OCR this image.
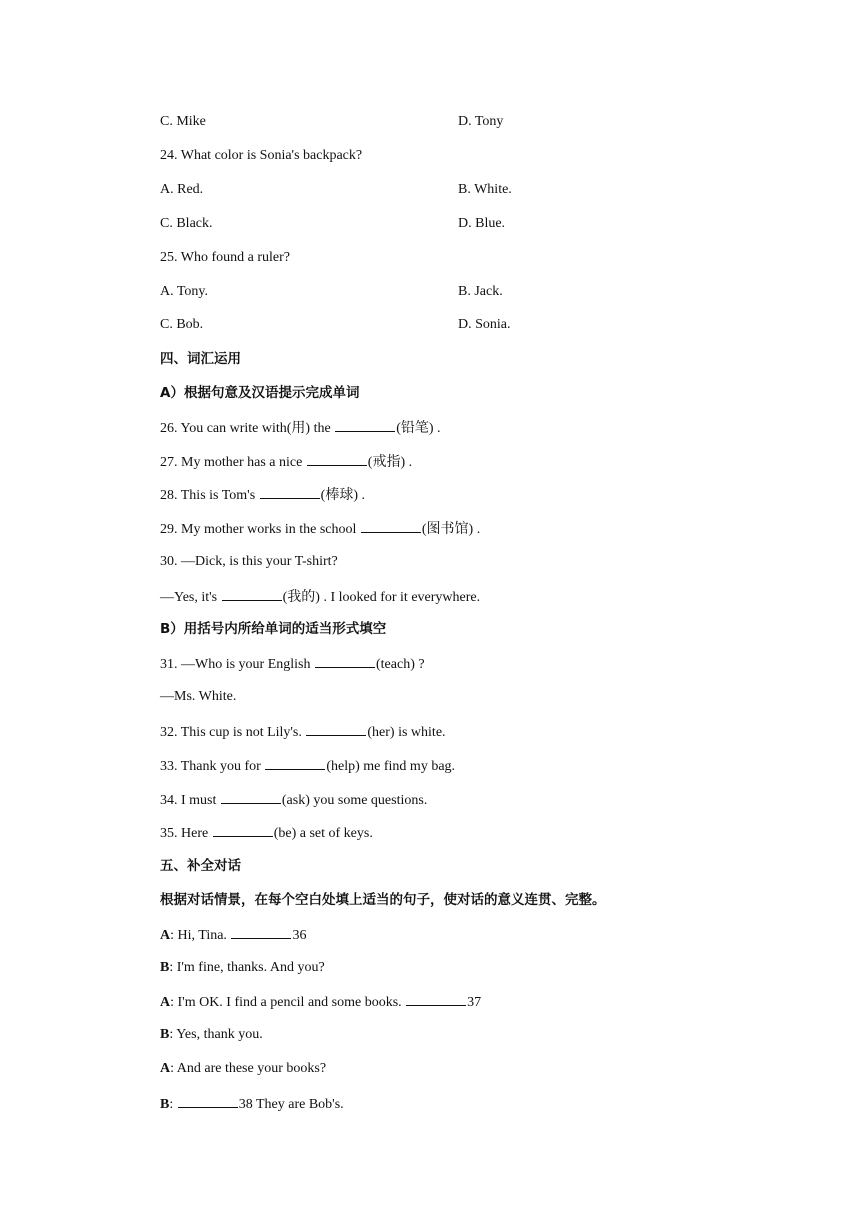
C. Mike	D. Tony
24. What color is Sonia's backpack?
A. Red.	B. White.
C. Black.	D. Blue.
25. Who found a ruler?
A. Tony.	B. Jack.
C. Bob.	D. Sonia.
四、词汇运用
A）根据句意及汉语提示完成单词
26. You can write with(用) the	(铅笔) .
27. My mother has a nice	(戒指) .
28. This is Tom's	(棒球) .
29. My mother works in the school	(图书馆) .
30. —Dick, is this your T-shirt?
—Yes, it's	(我的) . I looked for it everywhere.
B）用括号内所给单词的适当形式填空
31. —Who is your English	(teach) ?
—Ms. White.
32. This cup is not Lily's.	(her) is white.
33. Thank you for	(help) me find my bag.
34. I must	(ask) you some questions.
35. Here	(be) a set of keys.
五、补全对话
根据对话情景，在每个空白处填上适当的句子，使对话的意义连贯、完整。
A: Hi, Tina.	36
B: I'm fine, thanks. And you?
A: I'm OK. I find a pencil and some books.	37
B: Yes, thank you.
A: And are these your books?
B:	38 They are Bob's.
